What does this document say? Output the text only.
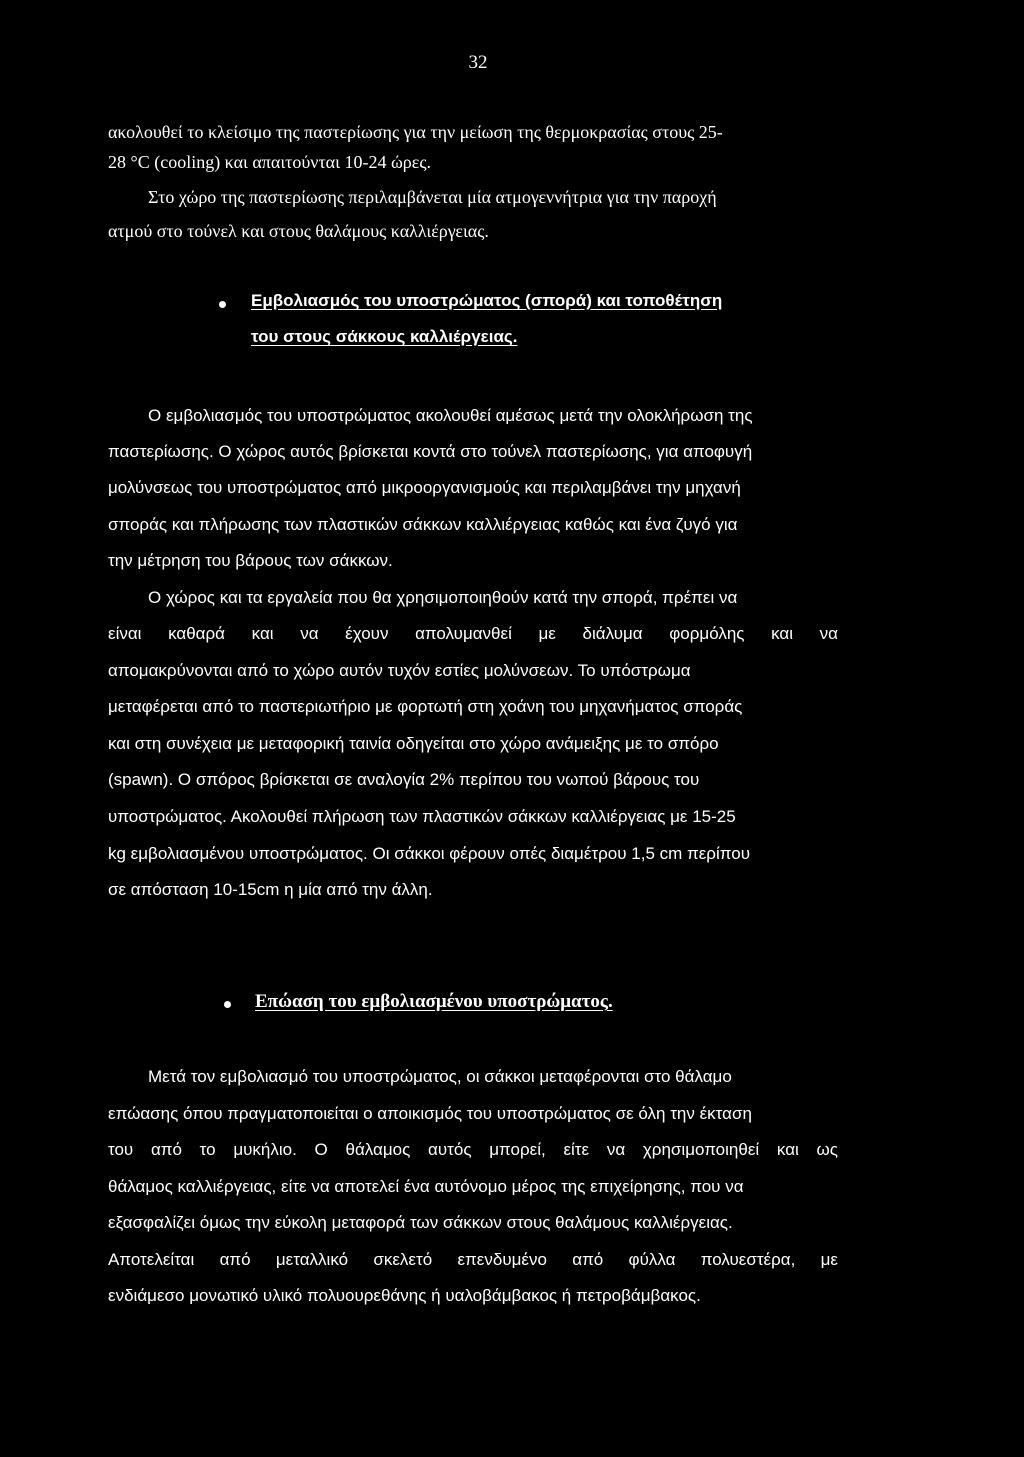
32
ακολουθεί το κλείσιμο της παστερίωσης για την μείωση της θερμοκρασίας στους 25-
28 °C (cooling) και απαιτούνται 10-24 ώρες.
Στο χώρο της παστερίωσης περιλαμβάνεται μία ατμογεννήτρια για την παροχή
ατμού στο τούνελ και στους θαλάμους καλλιέργειας.
Εμβολιασμός του υποστρώματος (σπορά) και τοποθέτηση
του στους σάκκους καλλιέργειας.
Ο εμβολιασμός του υποστρώματος ακολουθεί αμέσως μετά την ολοκλήρωση της
παστερίωσης. Ο χώρος αυτός βρίσκεται κοντά στο τούνελ παστερίωσης, για αποφυγή
μολύνσεως του υποστρώματος από μικροοργανισμούς και περιλαμβάνει την μηχανή
σποράς και πλήρωσης των πλαστικών σάκκων καλλιέργειας καθώς και ένα ζυγό για
την μέτρηση του βάρους των σάκκων.
Ο χώρος και τα εργαλεία που θα χρησιμοποιηθούν κατά την σπορά, πρέπει να
είναι καθαρά και να έχουν απολυμανθεί με διάλυμα φορμόλης και να
απομακρύνονται από το χώρο αυτόν τυχόν εστίες μολύνσεων. Το υπόστρωμα
μεταφέρεται από το παστεριωτήριο με φορτωτή στη χοάνη του μηχανήματος σποράς
και στη συνέχεια με μεταφορική ταινία οδηγείται στο χώρο ανάμειξης με το σπόρο
(spawn). Ο σπόρος βρίσκεται σε αναλογία 2% περίπου του νωπού βάρους του
υποστρώματος. Ακολουθεί πλήρωση των πλαστικών σάκκων καλλιέργειας με 15-25
kg εμβολιασμένου υποστρώματος. Οι σάκκοι φέρουν οπές διαμέτρου 1,5 cm περίπου
σε απόσταση 10-15cm η μία από την άλλη.
Επώαση του εμβολιασμένου υποστρώματος.
Μετά τον εμβολιασμό του υποστρώματος, οι σάκκοι μεταφέρονται στο θάλαμο
επώασης όπου πραγματοποιείται ο αποικισμός του υποστρώματος σε όλη την έκταση
του από το μυκήλιο. Ο θάλαμος αυτός μπορεί, είτε να χρησιμοποιηθεί και ως
θάλαμος καλλιέργειας, είτε να αποτελεί ένα αυτόνομο μέρος της επιχείρησης, που να
εξασφαλίζει όμως την εύκολη μεταφορά των σάκκων στους θαλάμους καλλιέργειας.
Αποτελείται από μεταλλικό σκελετό επενδυμένο από φύλλα πολυεστέρα, με
ενδιάμεσο μονωτικό υλικό πολυουρεθάνης ή υαλοβάμβακος ή πετροβάμβακος.
